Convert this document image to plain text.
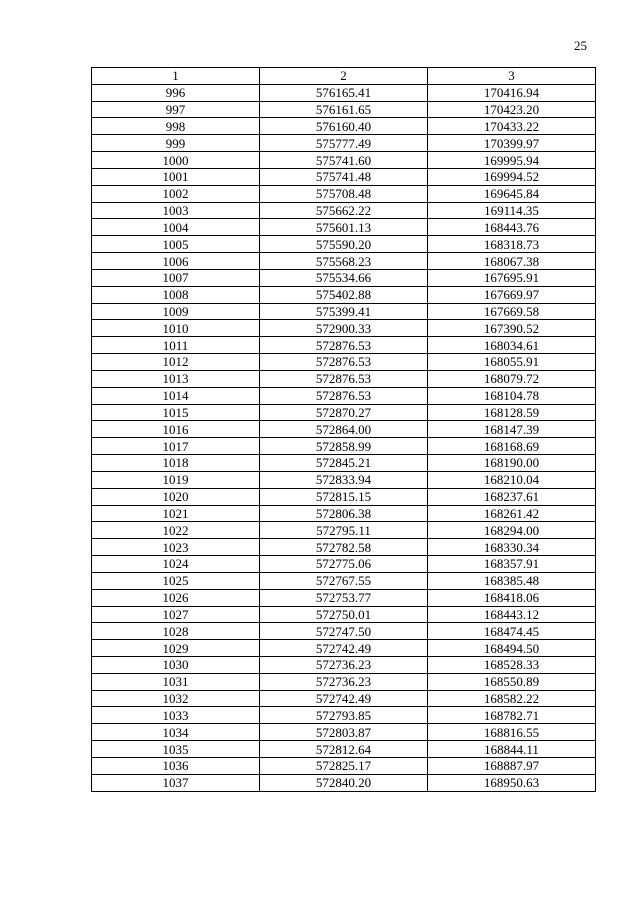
25
1	2	3
996	576165.41	170416.94
997	576161.65	170423.20
998	576160.40	170433.22
999	575777.49	170399.97
1000	575741.60	169995.94
1001	575741.48	169994.52
1002	575708.48	169645.84
1003	575662.22	169114.35
1004	575601.13	168443.76
1005	575590.20	168318.73
1006	575568.23	168067.38
1007	575534.66	167695.91
1008	575402.88	167669.97
1009	575399.41	167669.58
1010	572900.33	167390.52
1011	572876.53	168034.61
1012	572876.53	168055.91
1013	572876.53	168079.72
1014	572876.53	168104.78
1015	572870.27	168128.59
1016	572864.00	168147.39
1017	572858.99	168168.69
1018	572845.21	168190.00
1019	572833.94	168210.04
1020	572815.15	168237.61
1021	572806.38	168261.42
1022	572795.11	168294.00
1023	572782.58	168330.34
1024	572775.06	168357.91
1025	572767.55	168385.48
1026	572753.77	168418.06
1027	572750.01	168443.12
1028	572747.50	168474.45
1029	572742.49	168494.50
1030	572736.23	168528.33
1031	572736.23	168550.89
1032	572742.49	168582.22
1033	572793.85	168782.71
1034	572803.87	168816.55
1035	572812.64	168844.11
1036	572825.17	168887.97
1037	572840.20	168950.63
